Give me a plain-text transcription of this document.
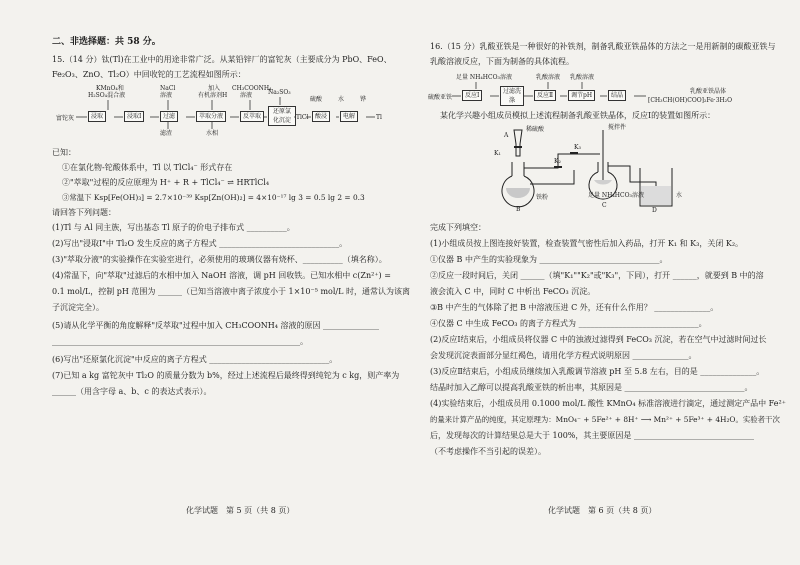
二、非选择题：共 58 分。
15.（14 分）钛(Tl)在工业中的用途非常广泛。从某铅锌厂的富铊灰（主要成分为 PbO、FeO、
Fe₂O₃、ZnO、Tl₂O）中回收铊的工艺流程如图所示：
KMnO₄和
H₂SO₄混合液
NaCl
溶液
加入
有机溶剂H
CH₃COONH₄
溶液	Na₂SO₃
硫酸	水	铧
富铊灰	浸取	浸取Ⅰ	过滤	萃取分液	反萃取
还原氯化沉淀 TlCl	酸浸	电解	Tl
滤渣	水相
已知：
①在氯化物-铊酸体系中，Tl 以 TlCl₄⁻ 形式存在
②"萃取"过程的反应原理为 H⁺ + R + TlCl₄⁻ ⇌ HRTlCl₄
③常温下 Ksp[Fe(OH)₃] = 2.7×10⁻³⁹ Ksp[Zn(OH)₂] = 4×10⁻¹⁷ lg 3 = 0.5 lg 2 = 0.3
请回答下列问题：
(1)Tl 与 Al 同主族，写出基态 Tl 原子的价电子排布式 __________。
(2)写出"浸取Ⅰ"中 Tl₂O 发生反应的离子方程式 ______________________________。
(3)"萃取分液"的实验操作在实验室进行，必须使用的玻璃仪器有烧杯、__________（填名称）。
(4)常温下，向"萃取"过滤后的水相中加入 NaOH 溶液，调 pH 回收铁。已知水相中 c(Zn²⁺) =
0.1 mol/L，控制 pH 范围为 ______（已知当溶液中离子浓度小于 1×10⁻⁵ mol/L 时，通常认为该离
子沉淀完全）。
(5)请从化学平衡的角度解释"反萃取"过程中加入 CH₃COONH₄ 溶液的原因 ______________
______________________________________________________________。
(6)写出"还原氯化沉淀"中反应的离子方程式 ______________________________。
(7)已知 a kg 富铊灰中 Tl₂O 的质量分数为 b%，经过上述流程后最终得到纯铊为 c kg，则产率为
______（用含字母 a、b、c 的表达式表示）。
化学试题　第 5 页（共 8 页）
16.（15 分）乳酸亚铁是一种很好的补铁剂，制备乳酸亚铁晶体的方法之一是用新制的碳酸亚铁与
乳酸溶液反应，下面为制备的具体流程。
足量 NH₄HCO₃溶液	乳酸溶液 乳酸溶液
硫酸亚铁	反应Ⅰ
过滤洗涤
反应Ⅱ	调节pH	结晶
乳酸亚铁晶体
[CH₃CH(OH)COO]₂Fe·3H₂O
某化学兴趣小组成员模拟上述流程制备乳酸亚铁晶体，反应Ⅰ的装置如图所示：
稀硫酸
K₁
K₂
K₃
搅拌件
铁粉	足量 NH₄HCO₃溶液	水
A
B
C
D
完成下列填空：
(1)小组成员按上图连接好装置，检查装置气密性后加入药品，打开 K₁ 和 K₃，关闭 K₂。
①仪器 B 中产生的实验现象为 ______________________________。
②反应一段时间后，关闭 ______（填"K₁""K₂"或"K₃"，下同），打开 ______，就要到 B 中的溶
液会流入 C 中，同时 C 中析出 FeCO₃ 沉淀。
③B 中产生的气体除了把 B 中溶液压进 C 外，还有什么作用？ ______________。
④仪器 C 中生成 FeCO₃ 的离子方程式为 ______________________________。
(2)反应Ⅰ结束后，小组成员将仪器 C 中的浊液过滤得到 FeCO₃ 沉淀，若在空气中过滤时间过长
会发现沉淀表面部分显红褐色，请用化学方程式说明原因 ______________。
(3)反应Ⅱ结束后，小组成员继续加入乳酸调节溶液 pH 至 5.8 左右，目的是 ______________。
结晶时加入乙醇可以提高乳酸亚铁的析出率，其原因是 ______________________________。
(4)实验结束后，小组成员用 0.1000 mol/L 酸性 KMnO₄ 标准溶液进行滴定，通过测定产品中 Fe²⁺
的量来计算产品的纯度，其定原理为：MnO₄⁻ + 5Fe²⁺ + 8H⁺ ⟶ Mn²⁺ + 5Fe³⁺ + 4H₂O。实验者干次
后，发现每次的计算结果总是大于 100%，其主要原因是 ______________________________
（不考虑操作不当引起的误差）。
化学试题　第 6 页（共 8 页）
